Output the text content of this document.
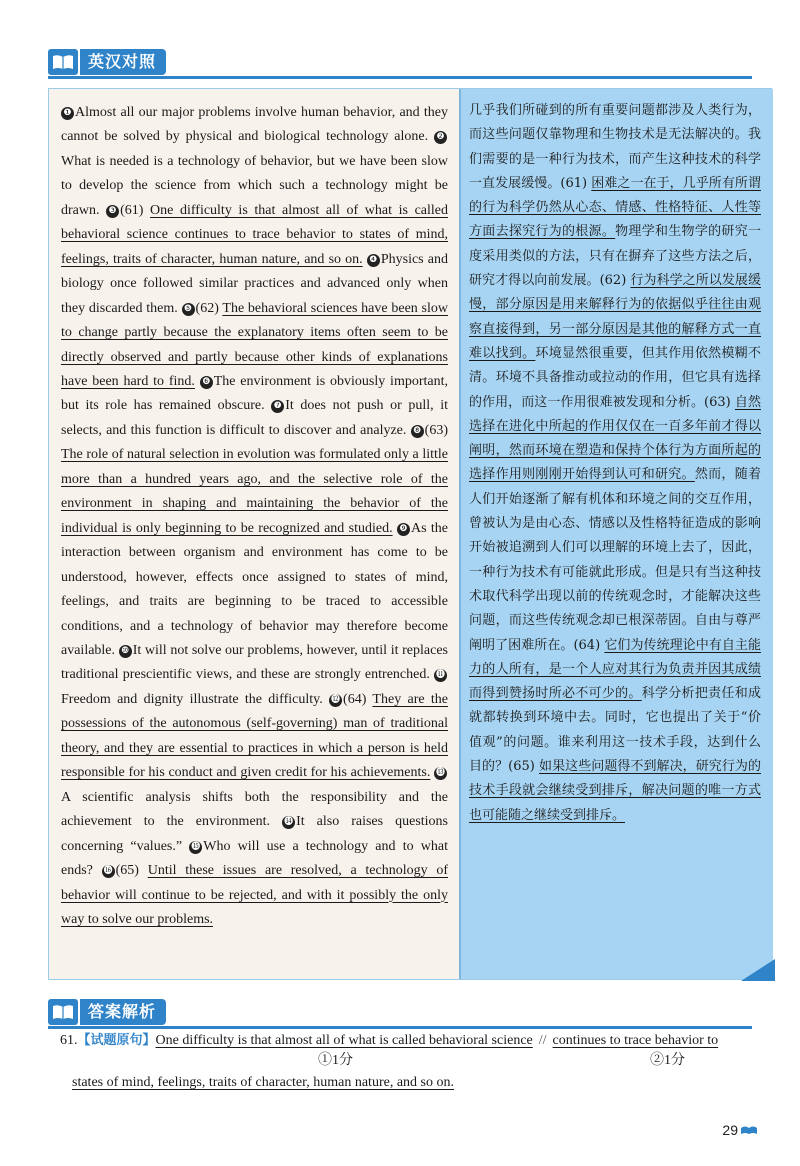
英汉对照
❶ Almost all our major problems involve human behavior, and they cannot be solved by physical and biological technology alone. ❷What is needed is a technology of behavior, but we have been slow to develop the science from which such a technology might be drawn. ❸ (61) One difficulty is that almost all of what is called behavioral science continues to trace behavior to states of mind, feelings, traits of character, human nature, and so on. ❹ Physics and biology once followed similar practices and advanced only when they discarded them. ❺ (62) The behavioral sciences have been slow to change partly because the explanatory items often seem to be directly observed and partly because other kinds of explanations have been hard to find. ❻ The environment is obviously important, but its role has remained obscure. ❼ It does not push or pull, it selects, and this function is difficult to discover and analyze. ❽ (63) The role of natural selection in evolution was formulated only a little more than a hundred years ago, and the selective role of the environment in shaping and maintaining the behavior of the individual is only beginning to be recognized and studied. ❾ As the interaction between organism and environment has come to be understood, however, effects once assigned to states of mind, feelings, and traits are beginning to be traced to accessible conditions, and a technology of behavior may therefore become available. ❿ It will not solve our problems, however, until it replaces traditional prescientific views, and these are strongly entrenched. ⓫Freedom and dignity illustrate the difficulty. ⓬ (64) They are the possessions of the autonomous (self-governing) man of traditional theory, and they are essential to practices in which a person is held responsible for his conduct and given credit for his achievements. ⓭A scientific analysis shifts both the responsibility and the achievement to the environment. ⓮ It also raises questions concerning “values.” ⓯ Who will use a technology and to what ends? ⓰ (65) Until these issues are resolved, a technology of behavior will continue to be rejected, and with it possibly the only way to solve our problems.
几乎我们所碰到的所有重要问题都涉及人类行为，而这些问题仅靠物理和生物技术是无法解决的。我们需要的是一种行为技术，而产生这种技术的科学一直发展缓慢。(61) 困难之一在于，几乎所有所谓的行为科学仍然从心态、情感、性格特征、人性等方面去探究行为的根源。物理学和生物学的研究一度采用类似的方法，只有在摒弃了这些方法之后，研究才得以向前发展。(62) 行为科学之所以发展缓慢，部分原因是用来解释行为的依据似乎往往由观察直接得到，另一部分原因是其他的解释方式一直难以找到。环境显然很重要，但其作用依然模糊不清。环境不具备推动或拉动的作用，但它具有选择的作用，而这一作用很难被发现和分析。(63) 自然选择在进化中所起的作用仅仅在一百多年前才得以阐明，然而环境在塑造和保持个体行为方面所起的选择作用则刚刚开始得到认可和研究。然而，随着人们开始逐渐了解有机体和环境之间的交互作用，曾被认为是由心态、情感以及性格特征造成的影响开始被追溯到人们可以理解的环境上去了，因此，一种行为技术有可能就此形成。但是只有当这种技术取代科学出现以前的传统观念时，才能解决这些问题，而这些传统观念却已根深蒂固。自由与尊严阐明了困难所在。(64) 它们为传统理论中有自主能力的人所有，是一个人应对其行为负责并因其成绩而得到赞扬时所必不可少的。科学分析把责任和成就都转换到环境中去。同时，它也提出了关于“价值观”的问题。谁来利用这一技术手段，达到什么目的？(65) 如果这些问题得不到解决，研究行为的技术手段就会继续受到排斥，解决问题的唯一方式也可能随之继续受到排斥。
答案解析
61.【试题原句】One difficulty is that almost all of what is called behavioral science // continues to trace behavior to
①1分	②1分
states of mind, feelings, traits of character, human nature, and so on.
29
